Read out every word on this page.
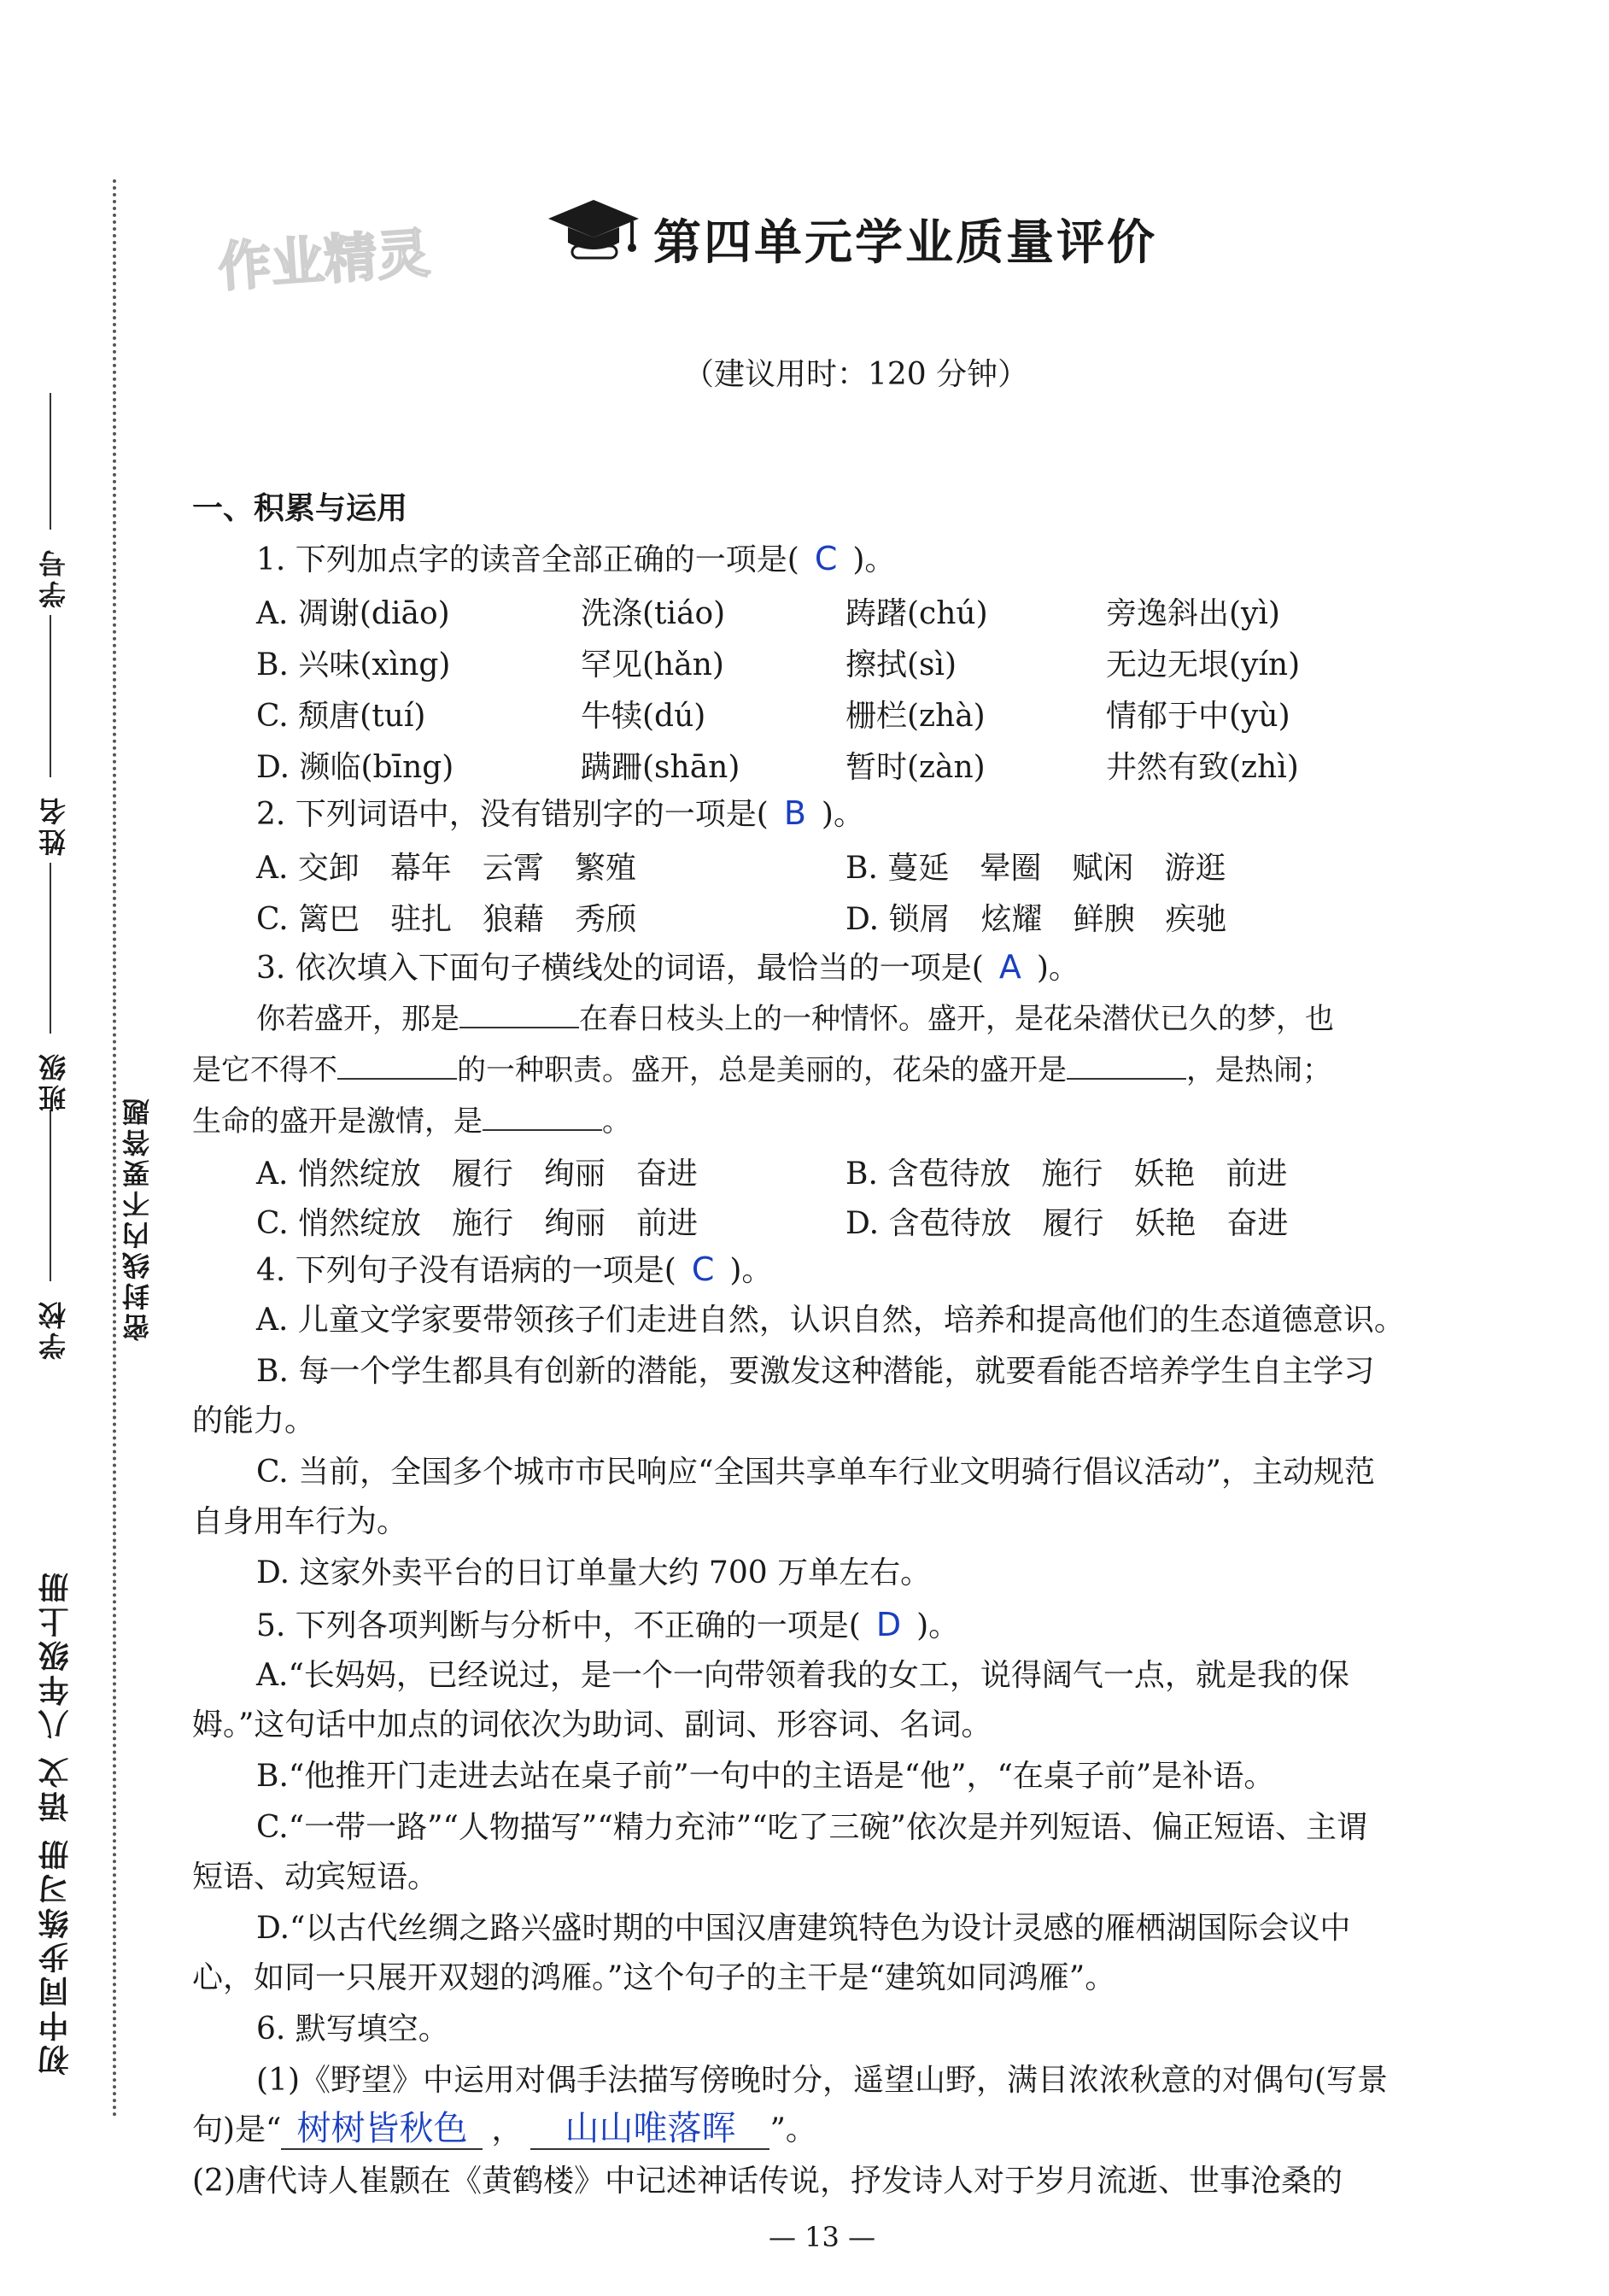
初中同步练习册 语文 八年级上册
密封线内不要答题
学校
班级
姓名
学号
作业精灵	第四单元学业质量评价
（建议用时：120 分钟）
一、积累与运用
1. 下列加点字的读音全部正确的一项是( C )。
A. 凋谢(diāo)	洗涤(tiáo)	踌躇(chú)	旁逸斜出(yì)
B. 兴味(xìng)	罕见(hǎn)	擦拭(sì)	无边无垠(yín)
C. 颓唐(tuí)	牛犊(dú)	栅栏(zhà)	情郁于中(yù)
D. 濒临(bīng)	蹒跚(shān)	暂时(zàn)	井然有致(zhì)
2. 下列词语中，没有错别字的一项是( B )。
A. 交卸　幕年　云霄　繁殖	B. 蔓延　晕圈　赋闲　游逛
C. 篱巴　驻扎　狼藉　秀颀	D. 锁屑　炫耀　鲜腴　疾驰
3. 依次填入下面句子横线处的词语，最恰当的一项是( A )。
你若盛开，那是	在春日枝头上的一种情怀。盛开，是花朵潜伏已久的梦，也
是它不得不	的一种职责。盛开，总是美丽的，花朵的盛开是	，是热闹；
生命的盛开是激情，是	。
A. 悄然绽放　履行　绚丽　奋进	B. 含苞待放　施行　妖艳　前进
C. 悄然绽放　施行　绚丽　前进	D. 含苞待放　履行　妖艳　奋进
4. 下列句子没有语病的一项是( C )。
A. 儿童文学家要带领孩子们走进自然，认识自然，培养和提高他们的生态道德意识。
B. 每一个学生都具有创新的潜能，要激发这种潜能，就要看能否培养学生自主学习
的能力。
C. 当前，全国多个城市市民响应“全国共享单车行业文明骑行倡议活动”，主动规范
自身用车行为。
D. 这家外卖平台的日订单量大约 700 万单左右。
5. 下列各项判断与分析中，不正确的一项是( D )。
A.“长妈妈，已经说过，是一个一向带领着我的女工，说得阔气一点，就是我的保
姆。”这句话中加点的词依次为助词、副词、形容词、名词。
B.“他推开门走进去站在桌子前”一句中的主语是“他”，“在桌子前”是补语。
C.“一带一路”“人物描写”“精力充沛”“吃了三碗”依次是并列短语、偏正短语、主谓
短语、动宾短语。
D.“以古代丝绸之路兴盛时期的中国汉唐建筑特色为设计灵感的雁栖湖国际会议中
心，如同一只展开双翅的鸿雁。”这个句子的主干是“建筑如同鸿雁”。
6. 默写填空。
(1)《野望》中运用对偶手法描写傍晚时分，遥望山野，满目浓浓秋意的对偶句(写景
句)是“ 树树皆秋色 ， 山山唯落晖 ”。
(2)唐代诗人崔颢在《黄鹤楼》中记述神话传说，抒发诗人对于岁月流逝、世事沧桑的
— 13 —
